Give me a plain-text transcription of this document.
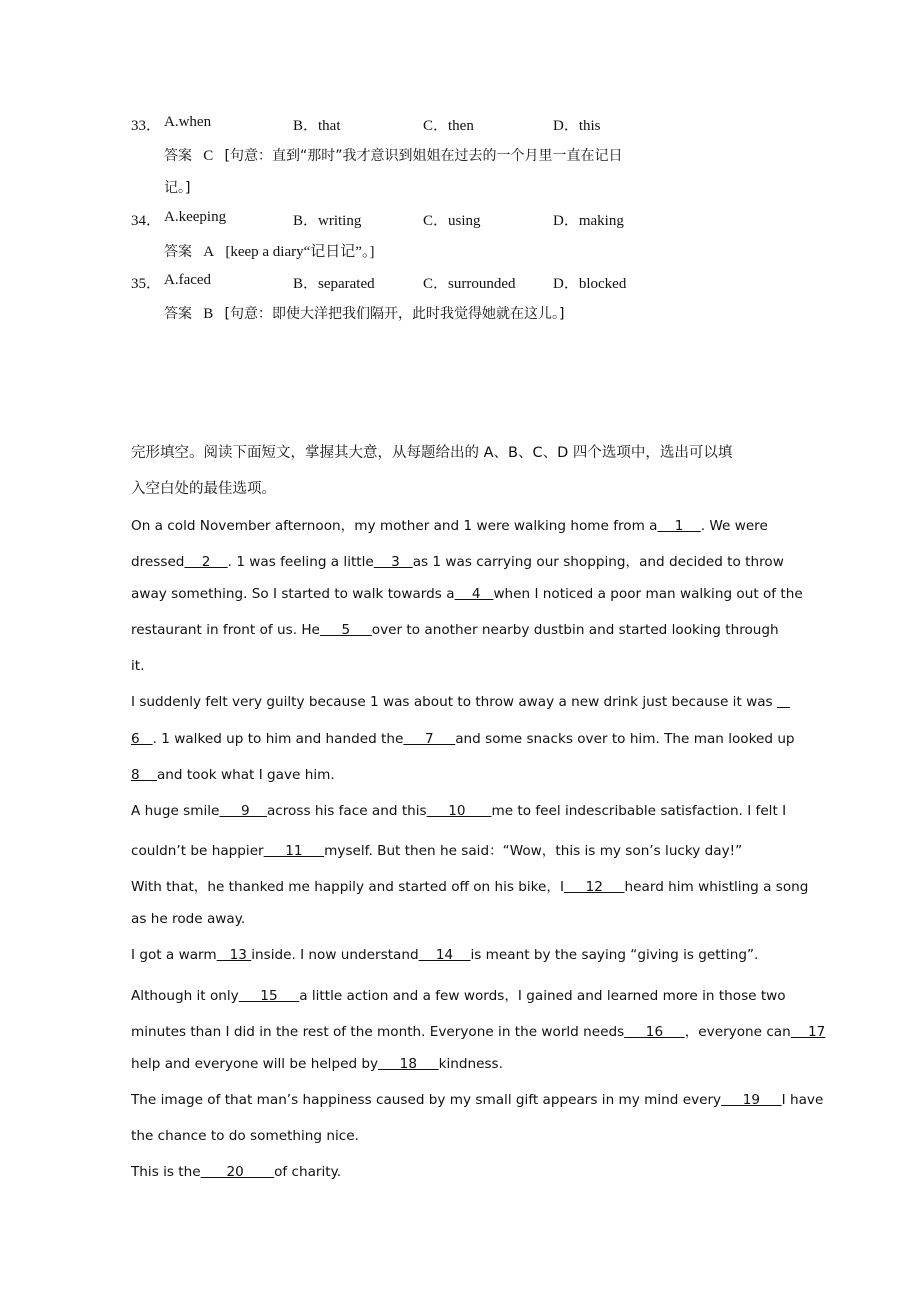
33． A.when	B．that	C．then	D．this
答案 C [句意：直到“那时”我才意识到姐姐在过去的一个月里一直在记日
记。]
34． A.keeping	B．writing	C．using	D．making
答案 A [keep a diary“记日记”。]
35． A.faced	B．separated	C．surrounded	D．blocked
答案 B [句意：即使大洋把我们隔开，此时我觉得她就在这儿。]
完形填空。阅读下面短文，掌握其大意，从每题给出的 A、B、C、D 四个选项中，选出可以填
入空白处的最佳选项。
On a cold November afternoon，my mother and 1 were walking home from a    1    . We were
dressed    2    . 1 was feeling a little    3   as 1 was carrying our shopping，and decided to throw
away something. So I started to walk towards a    4   when I noticed a poor man walking out of the
restaurant in front of us. He     5     over to another nearby dustbin and started looking through
it.
I suddenly felt very guilty because 1 was about to throw away a new drink just because it was
6   . 1 walked up to him and handed the     7     and some snacks over to him. The man looked up
8    and took what I gave him.
A huge smile     9    across his face and this     10      me to feel indescribable satisfaction. I felt I
couldn’t be happier     11     myself. But then he said：“Wow，this is my son’s lucky day!”
With that，he thanked me happily and started off on his bike，I     12     heard him whistling a song
as he rode away.
I got a warm   13 inside. I now understand    14    is meant by the saying “giving is getting”.
Although it only     15     a little action and a few words，I gained and learned more in those two
minutes than I did in the rest of the month. Everyone in the world needs     16     ，everyone can    17
help and everyone will be helped by     18     kindness.
The image of that man’s happiness caused by my small gift appears in my mind every     19     I have
the chance to do something nice.
This is the      20       of charity.
